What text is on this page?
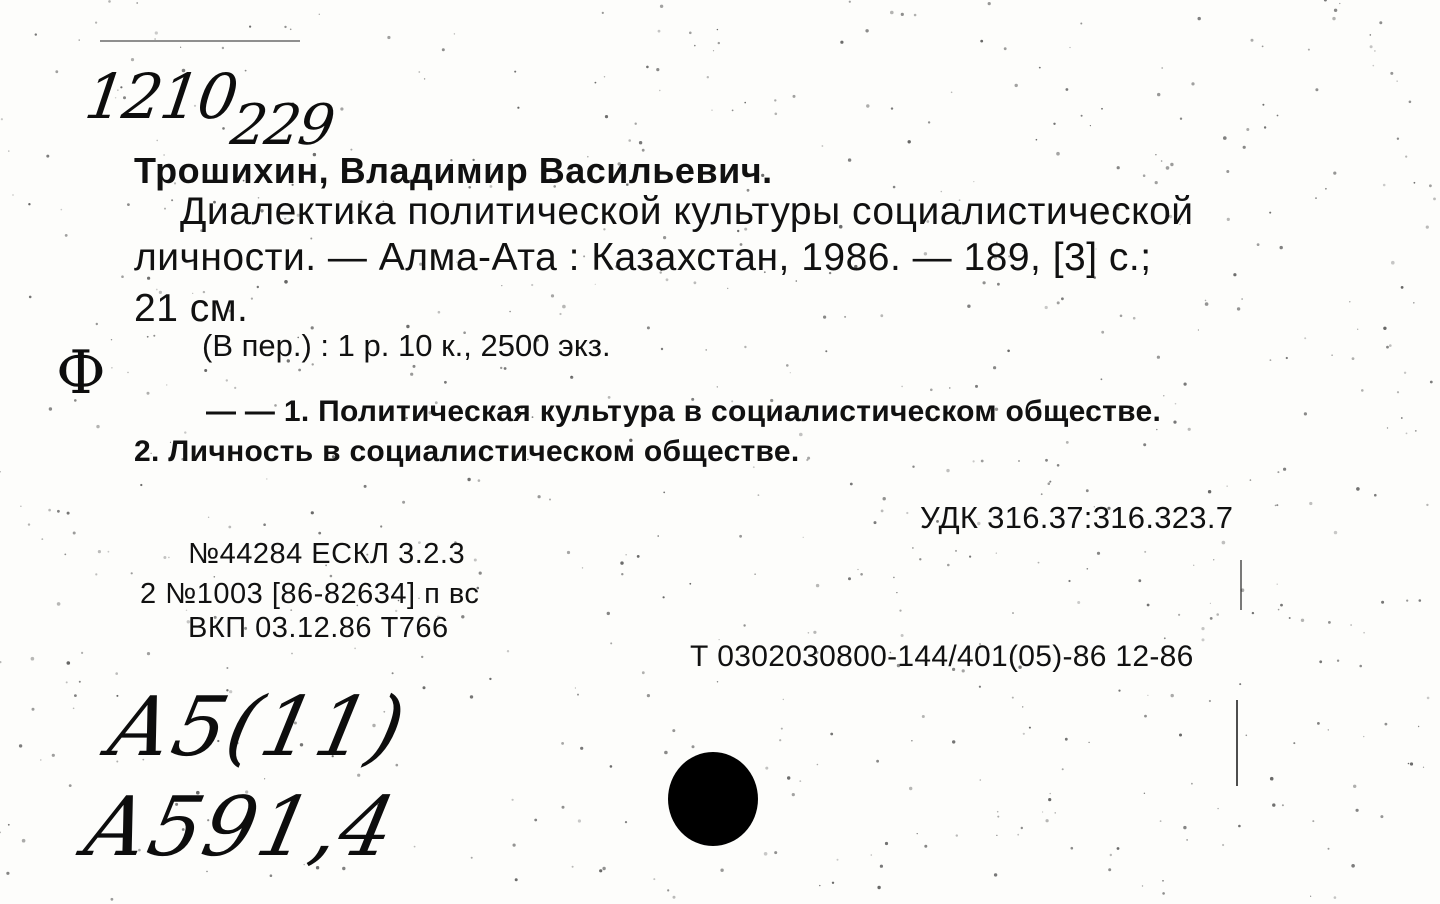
1210229
Трошихин, Владимир Васильевич.
Диалектика политической культуры социалистической
личности. — Алма-Ата : Казахстан, 1986. — 189, [3] с.;
21 см.
Ф	(В пер.) : 1 р. 10 к., 2500 экз.
— — 1. Политическая культура в социалистическом обществе.
2. Личность в социалистическом обществе.
УДК 316.37:316.323.7
№44284 ЕСКЛ 3.2.3
2 №1003 [86-82634] п вс
ВКП 03.12.86 Т766
Т 0302030800-144/401(05)-86 12-86
А5(11)
А591,4
